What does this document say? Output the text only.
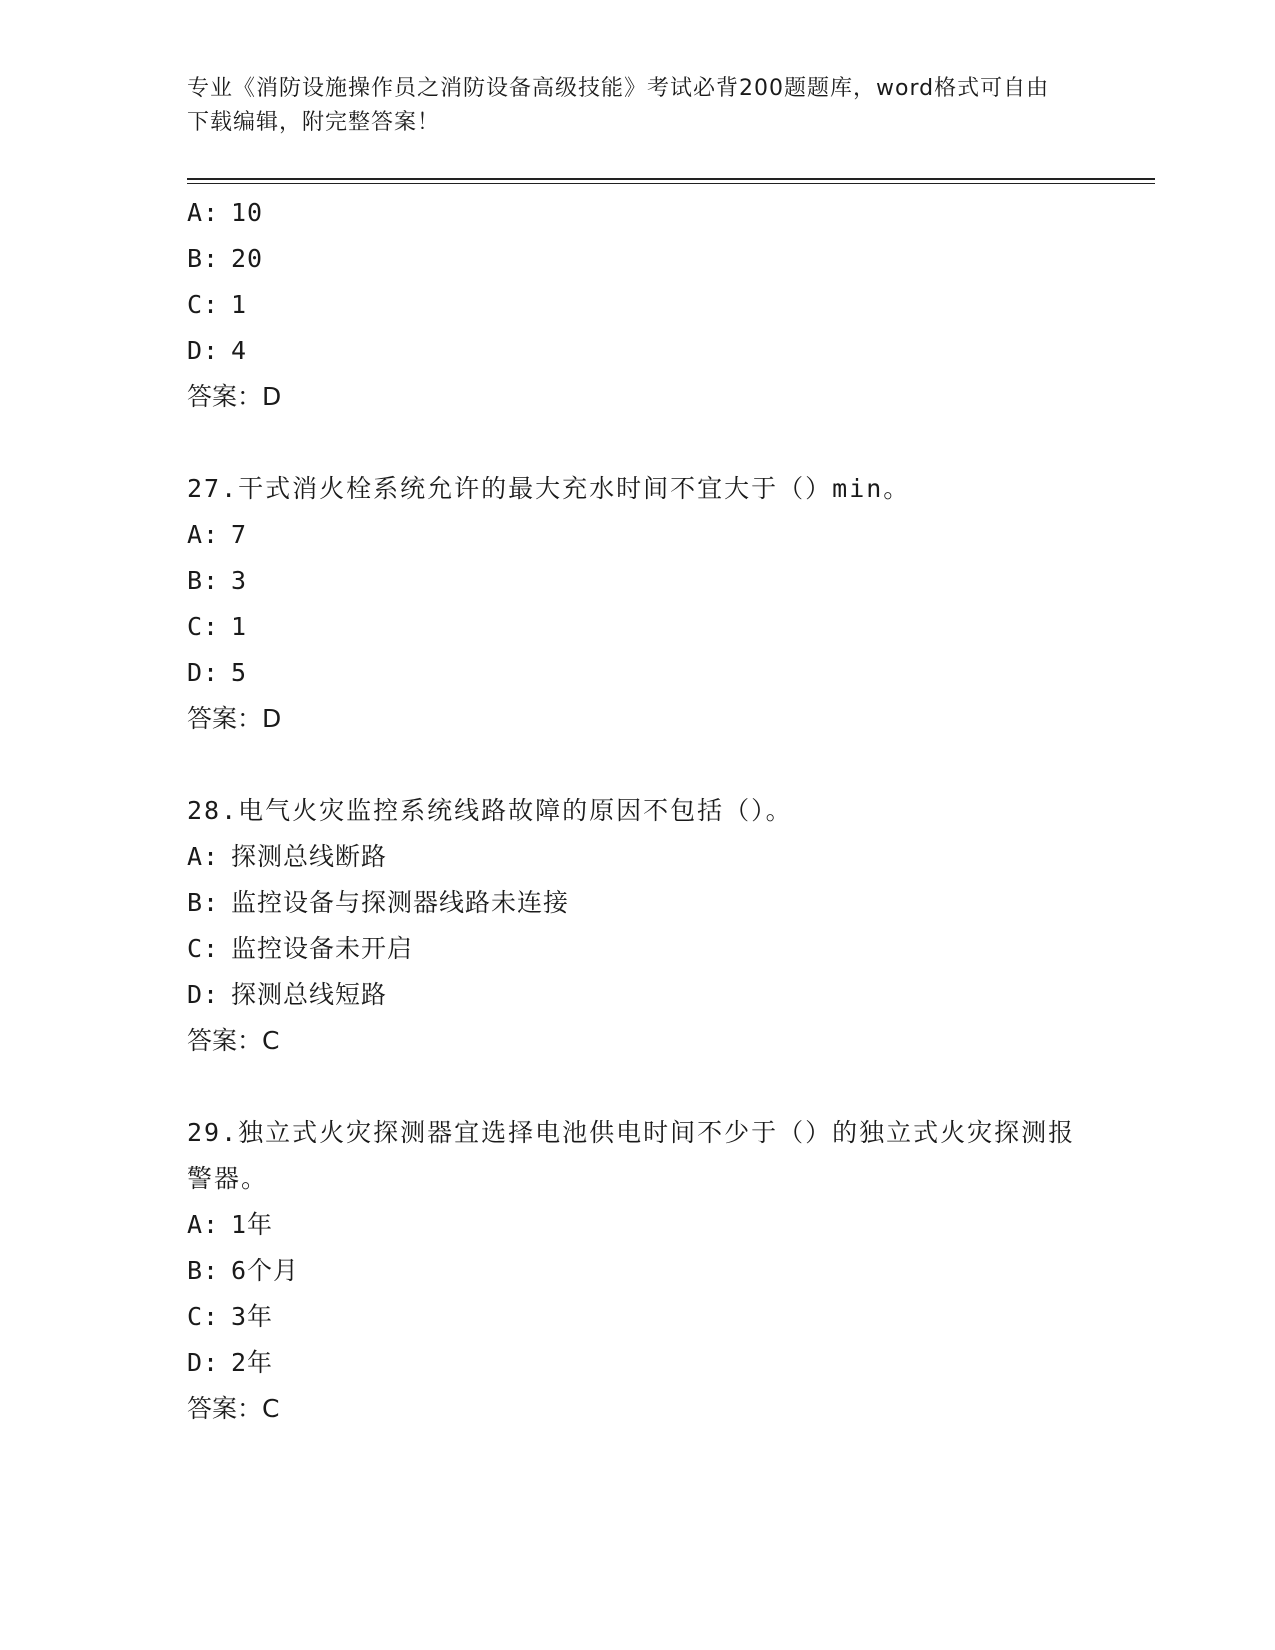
专业《消防设施操作员之消防设备高级技能》考试必背200题题库，word格式可自由下载编辑，附完整答案！
A: 10
B: 20
C: 1
D: 4
答案：D
27.干式消火栓系统允许的最大充水时间不宜大于（）min。
A: 7
B: 3
C: 1
D: 5
答案：D
28.电气火灾监控系统线路故障的原因不包括（）。
A: 探测总线断路
B: 监控设备与探测器线路未连接
C: 监控设备未开启
D: 探测总线短路
答案：C
29.独立式火灾探测器宜选择电池供电时间不少于（）的独立式火灾探测报警器。
A: 1年
B: 6个月
C: 3年
D: 2年
答案：C
